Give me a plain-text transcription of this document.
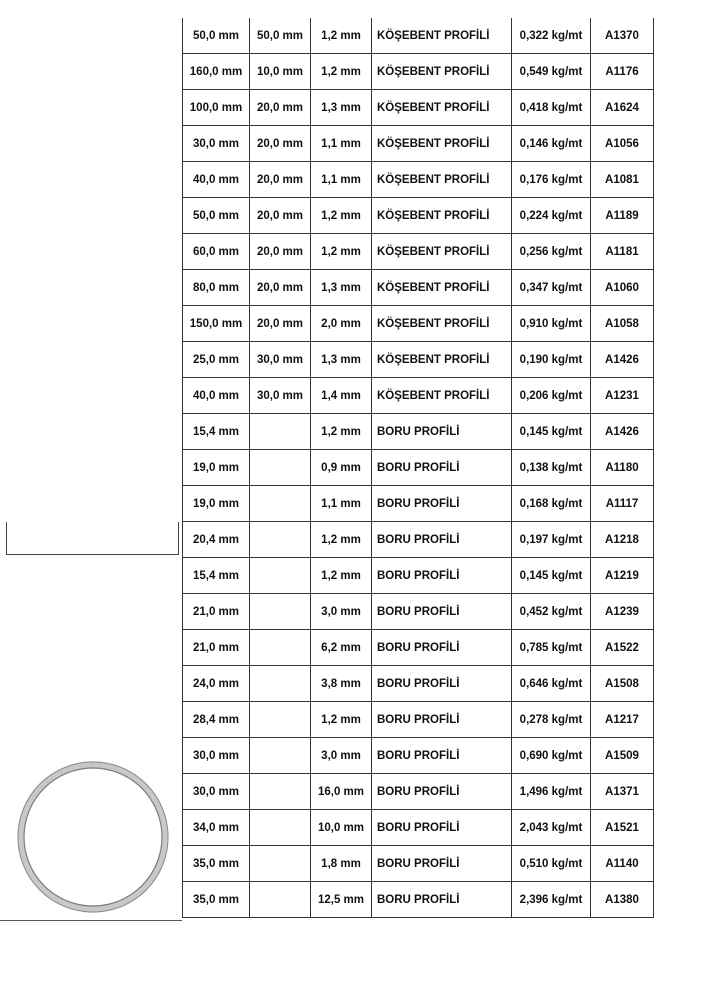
50,0 mm	50,0 mm	1,2 mm	KÖŞEBENT PROFİLİ	0,322 kg/mt	A1370
160,0 mm	10,0 mm	1,2 mm	KÖŞEBENT PROFİLİ	0,549 kg/mt	A1176
100,0 mm	20,0 mm	1,3 mm	KÖŞEBENT PROFİLİ	0,418 kg/mt	A1624
30,0 mm	20,0 mm	1,1 mm	KÖŞEBENT PROFİLİ	0,146 kg/mt	A1056
40,0 mm	20,0 mm	1,1 mm	KÖŞEBENT PROFİLİ	0,176 kg/mt	A1081
50,0 mm	20,0 mm	1,2 mm	KÖŞEBENT PROFİLİ	0,224 kg/mt	A1189
60,0 mm	20,0 mm	1,2 mm	KÖŞEBENT PROFİLİ	0,256 kg/mt	A1181
80,0 mm	20,0 mm	1,3 mm	KÖŞEBENT PROFİLİ	0,347 kg/mt	A1060
150,0 mm	20,0 mm	2,0 mm	KÖŞEBENT PROFİLİ	0,910 kg/mt	A1058
25,0 mm	30,0 mm	1,3 mm	KÖŞEBENT PROFİLİ	0,190 kg/mt	A1426
40,0 mm	30,0 mm	1,4 mm	KÖŞEBENT PROFİLİ	0,206 kg/mt	A1231
15,4 mm		1,2 mm	BORU PROFİLİ	0,145 kg/mt	A1426
19,0 mm		0,9 mm	BORU PROFİLİ	0,138 kg/mt	A1180
19,0 mm		1,1 mm	BORU PROFİLİ	0,168 kg/mt	A1117
20,4 mm		1,2 mm	BORU PROFİLİ	0,197 kg/mt	A1218
15,4 mm		1,2 mm	BORU PROFİLİ	0,145 kg/mt	A1219
21,0 mm		3,0 mm	BORU PROFİLİ	0,452 kg/mt	A1239
21,0 mm		6,2 mm	BORU PROFİLİ	0,785 kg/mt	A1522
24,0 mm		3,8 mm	BORU PROFİLİ	0,646 kg/mt	A1508
28,4 mm		1,2 mm	BORU PROFİLİ	0,278 kg/mt	A1217
30,0 mm		3,0 mm	BORU PROFİLİ	0,690 kg/mt	A1509
30,0 mm		16,0 mm	BORU PROFİLİ	1,496 kg/mt	A1371
34,0 mm		10,0 mm	BORU PROFİLİ	2,043 kg/mt	A1521
35,0 mm		1,8 mm	BORU PROFİLİ	0,510 kg/mt	A1140
35,0 mm		12,5 mm	BORU PROFİLİ	2,396 kg/mt	A1380
